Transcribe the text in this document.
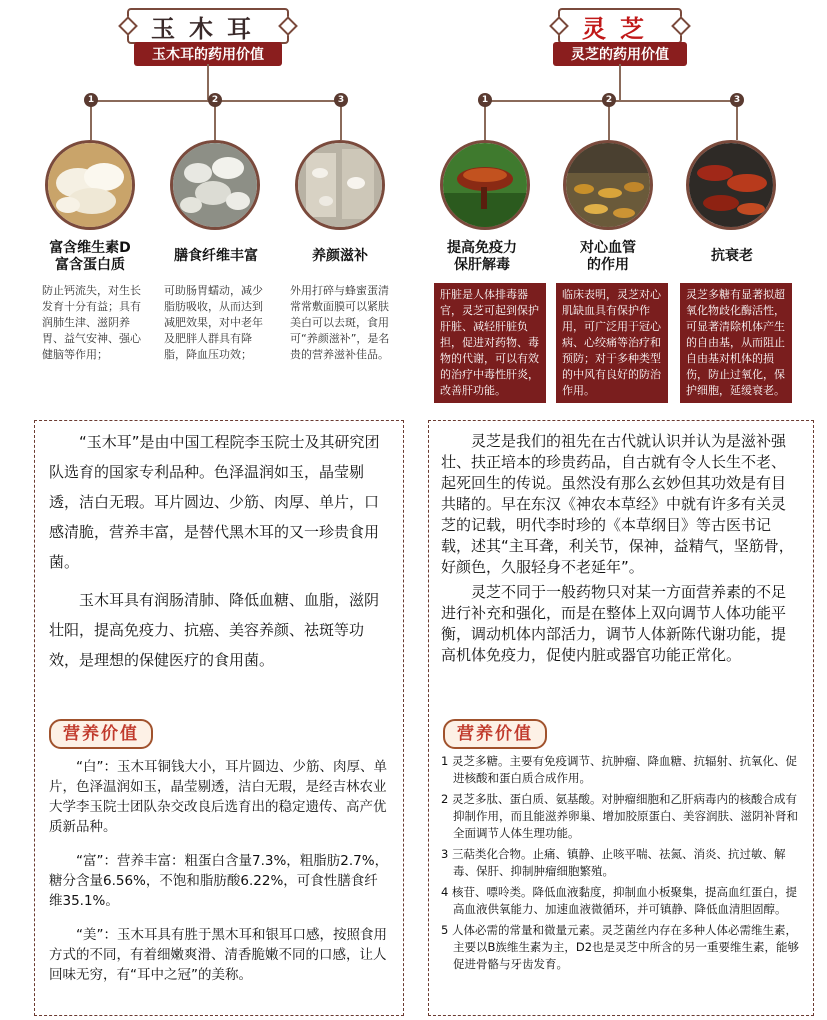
玉木耳
玉木耳的药用价值
1	2	3
富含维生素D
富含蛋白质
膳食纤维丰富	养颜滋补
防止钙流失，对生长发育十分有益；具有润肺生津、滋阴养胃、益气安神、强心健脑等作用；
可助肠胃蠕动，减少脂肪吸收，从而达到减肥效果，对中老年及肥胖人群具有降脂，降血压功效；
外用打碎与蜂蜜蛋清常常敷面膜可以紧肤美白可以去斑，食用可“养颜滋补”，是名贵的营养滋补佳品。

“玉木耳”是由中国工程院李玉院士及其研究团队选育的国家专利品种。色泽温润如玉，晶莹剔透，洁白无瑕。耳片圆边、少筋、肉厚、单片，口感清脆，营养丰富，是替代黑木耳的又一珍贵食用菌。

玉木耳具有润肠清肺、降低血糖、血脂，滋阴壮阳，提高免疫力、抗癌、美容养颜、祛斑等功效，是理想的保健医疗的食用菌。

营养价值

“白”：玉木耳铜钱大小，耳片圆边、少筋、肉厚、单片，色泽温润如玉，晶莹剔透，洁白无瑕，是经吉林农业大学李玉院士团队杂交改良后选育出的稳定遗传、高产优质新品种。

“富”：营养丰富：粗蛋白含量7.3%，粗脂肪2.7%，糖分含量6.56%，不饱和脂肪酸6.22%，可食性膳食纤维35.1%。

“美”：玉木耳具有胜于黑木耳和银耳口感，按照食用方式的不同，有着细嫩爽滑、清香脆嫩不同的口感，让人回味无穷，有“耳中之冠”的美称。

灵芝
灵芝的药用价值
1	2	3
提高免疫力
保肝解毒
对心血管
的作用
抗衰老
肝脏是人体排毒器官，灵芝可起到保护肝脏、减轻肝脏负担，促进对药物、毒物的代谢，可以有效的治疗中毒性肝炎，改善肝功能。
临床表明，灵芝对心肌缺血具有保护作用，可广泛用于冠心病、心绞痛等治疗和预防；对于多种类型的中风有良好的防治作用。
灵芝多糖有显著拟超氧化物歧化酶活性，可显著清除机体产生的自由基，从而阻止自由基对机体的损伤，防止过氧化，保护细胞，延缓衰老。

灵芝是我们的祖先在古代就认识并认为是滋补强壮、扶正培本的珍贵药品，自古就有令人长生不老、起死回生的传说。虽然没有那么玄妙但其功效是有目共睹的。早在东汉《神农本草经》中就有许多有关灵芝的记载，明代李时珍的《本草纲目》等古医书记载，述其“主耳聋，利关节，保神，益精气，坚筋骨，好颜色，久服轻身不老延年”。

灵芝不同于一般药物只对某一方面营养素的不足进行补充和强化，而是在整体上双向调节人体功能平衡，调动机体内部活力，调节人体新陈代谢功能，提高机体免疫力，促使内脏或器官功能正常化。

营养价值

1 灵芝多糖。主要有免疫调节、抗肿瘤、降血糖、抗辐射、抗氧化、促进核酸和蛋白质合成作用。

2 灵芝多肽、蛋白质、氨基酸。对肿瘤细胞和乙肝病毒内的核酸合成有抑制作用，而且能滋养卵巢、增加胶原蛋白、美容润肤、滋阴补肾和全面调节人体生理功能。

3 三萜类化合物。止痛、镇静、止咳平喘、祛氮、消炎、抗过敏、解毒、保肝、抑制肿瘤细胞繁殖。

4 核苷、嘌呤类。降低血液黏度，抑制血小板聚集，提高血红蛋白，提高血液供氧能力、加速血液微循环，并可镇静、降低血清胆固醇。

5 人体必需的常量和微量元素。灵芝菌丝内存在多种人体必需维生素，主要以B族维生素为主，D2也是灵芝中所含的另一重要维生素，能够促进骨骼与牙齿发育。
